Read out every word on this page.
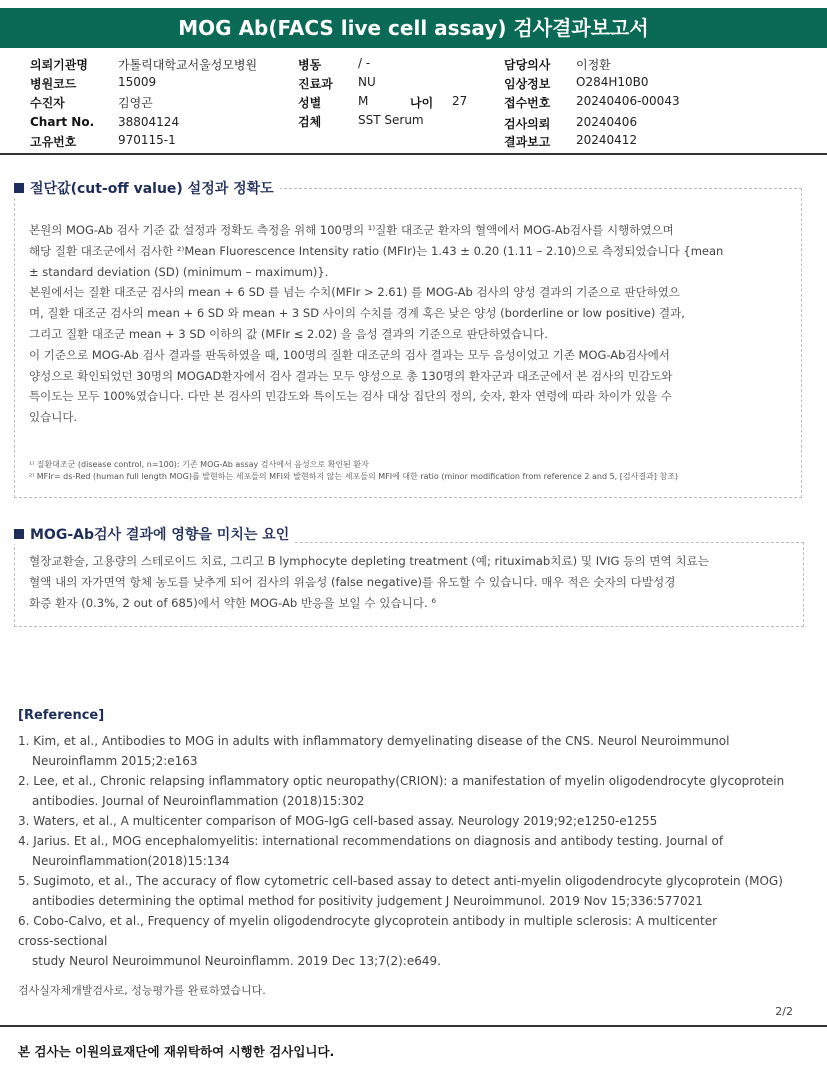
MOG Ab(FACS live cell assay) 검사결과보고서
의뢰기관명	가톨릭대학교서울성모병원
병원코드	15009
수진자	김영곤
Chart No. 38804124
고유번호	970115-1
병동	/ -
진료과 NU
성별	M	나이 27
검체	SST Serum
담당의사 이정환
임상정보 O284H10B0
접수번호 20240406-00043
검사의뢰 20240406
결과보고 20240412
절단값(cut-off value) 설정과 정확도
본원의 MOG-Ab 검사 기준 값 설정과 정확도 측정을 위해 100명의 ¹⁾질환 대조군 환자의 혈액에서 MOG-Ab검사를 시행하였으며
해당 질환 대조군에서 검사한 ²⁾Mean Fluorescence Intensity ratio (MFIr)는 1.43 ± 0.20 (1.11 – 2.10)으로 측정되었습니다 {mean
± standard deviation (SD) (minimum – maximum)}.
본원에서는 질환 대조군 검사의 mean + 6 SD 를 넘는 수치(MFIr > 2.61) 를 MOG-Ab 검사의 양성 결과의 기준으로 판단하였으
며, 질환 대조군 검사의 mean + 6 SD 와 mean + 3 SD 사이의 수치를 경계 혹은 낮은 양성 (borderline or low positive) 결과,
그리고 질환 대조군 mean + 3 SD 이하의 값 (MFIr ≤ 2.02) 을 음성 결과의 기준으로 판단하였습니다.
이 기준으로 MOG-Ab 검사 결과를 판독하였을 때, 100명의 질환 대조군의 검사 결과는 모두 음성이었고 기존 MOG-Ab검사에서
양성으로 확인되었던 30명의 MOGAD환자에서 검사 결과는 모두 양성으로 총 130명의 환자군과 대조군에서 본 검사의 민감도와
특이도는 모두 100%였습니다. 다만 본 검사의 민감도와 특이도는 검사 대상 집단의 정의, 숫자, 환자 연령에 따라 차이가 있을 수
있습니다.
¹⁾ 질환대조군 (disease control, n=100): 기존 MOG-Ab assay 검사에서 음성으로 확인된 환자
²⁾ MFIr= ds-Red (human full length MOG)를 발현하는 세포들의 MFI와 발현하지 않는 세포들의 MFI에 대한 ratio (minor modification from reference 2 and 5, [검사결과] 참조)
MOG-Ab검사 결과에 영향을 미치는 요인
혈장교환술, 고용량의 스테로이드 치료, 그리고 B lymphocyte depleting treatment (예; rituximab치료) 및 IVIG 등의 면역 치료는
혈액 내의 자가면역 항체 농도를 낮추게 되어 검사의 위음성 (false negative)를 유도할 수 있습니다. 매우 적은 숫자의 다발성경
화증 환자 (0.3%, 2 out of 685)에서 약한 MOG-Ab 반응을 보일 수 있습니다. ⁶
[Reference]
1. Kim, et al., Antibodies to MOG in adults with inflammatory demyelinating disease of the CNS. Neurol Neuroimmunol
Neuroinflamm 2015;2:e163
2. Lee, et al., Chronic relapsing inflammatory optic neuropathy(CRION): a manifestation of myelin oligodendrocyte glycoprotein
antibodies. Journal of Neuroinflammation (2018)15:302
3. Waters, et al., A multicenter comparison of MOG-IgG cell-based assay. Neurology 2019;92;e1250-e1255
4. Jarius. Et al., MOG encephalomyelitis: international recommendations on diagnosis and antibody testing. Journal of
Neuroinflammation(2018)15:134
5. Sugimoto, et al., The accuracy of flow cytometric cell-based assay to detect anti-myelin oligodendrocyte glycoprotein (MOG)
antibodies determining the optimal method for positivity judgement J Neuroimmunol. 2019 Nov 15;336:577021
6. Cobo-Calvo, et al., Frequency of myelin oligodendrocyte glycoprotein antibody in multiple sclerosis: A multicenter
cross-sectional
study Neurol Neuroimmunol Neuroinflamm. 2019 Dec 13;7(2):e649.
검사실자체개발검사로, 성능평가를 완료하였습니다.
2/2
본 검사는 이원의료재단에 재위탁하여 시행한 검사입니다.
